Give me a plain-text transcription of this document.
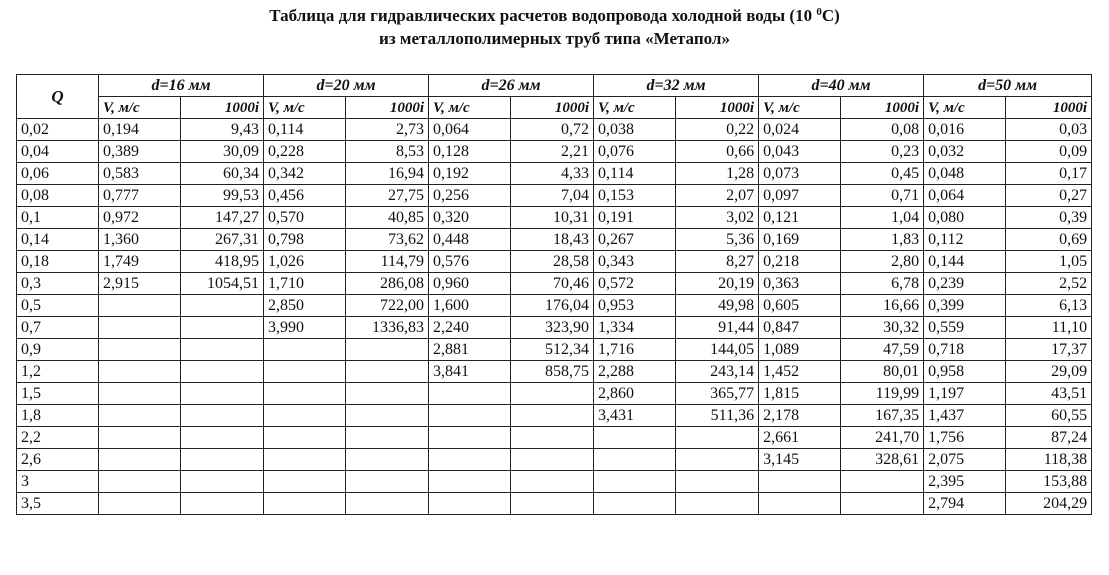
Таблица для гидравлических расчетов водопровода холодной воды (10 $^0$С)
из металлополимерных труб типа «Метапол»
Q	d=16 мм		d=20 мм		d=26 мм		d=32 мм		d=40 мм		d=50 мм	
	V, м/с	1000i	V, м/с	1000i	V, м/с	1000i	V, м/с	1000i	V, м/с	1000i	V, м/с	1000i
0,02	0,194	9,43	0,114	2,73	0,064	0,72	0,038	0,22	0,024	0,08	0,016	0,03
0,04	0,389	30,09	0,228	8,53	0,128	2,21	0,076	0,66	0,043	0,23	0,032	0,09
0,06	0,583	60,34	0,342	16,94	0,192	4,33	0,114	1,28	0,073	0,45	0,048	0,17
0,08	0,777	99,53	0,456	27,75	0,256	7,04	0,153	2,07	0,097	0,71	0,064	0,27
0,1	0,972	147,27	0,570	40,85	0,320	10,31	0,191	3,02	0,121	1,04	0,080	0,39
0,14	1,360	267,31	0,798	73,62	0,448	18,43	0,267	5,36	0,169	1,83	0,112	0,69
0,18	1,749	418,95	1,026	114,79	0,576	28,58	0,343	8,27	0,218	2,80	0,144	1,05
0,3	2,915	1054,51	1,710	286,08	0,960	70,46	0,572	20,19	0,363	6,78	0,239	2,52
0,5			2,850	722,00	1,600	176,04	0,953	49,98	0,605	16,66	0,399	6,13
0,7			3,990	1336,83	2,240	323,90	1,334	91,44	0,847	30,32	0,559	11,10
0,9					2,881	512,34	1,716	144,05	1,089	47,59	0,718	17,37
1,2					3,841	858,75	2,288	243,14	1,452	80,01	0,958	29,09
1,5							2,860	365,77	1,815	119,99	1,197	43,51
1,8							3,431	511,36	2,178	167,35	1,437	60,55
2,2									2,661	241,70	1,756	87,24
2,6									3,145	328,61	2,075	118,38
3											2,395	153,88
3,5											2,794	204,29
